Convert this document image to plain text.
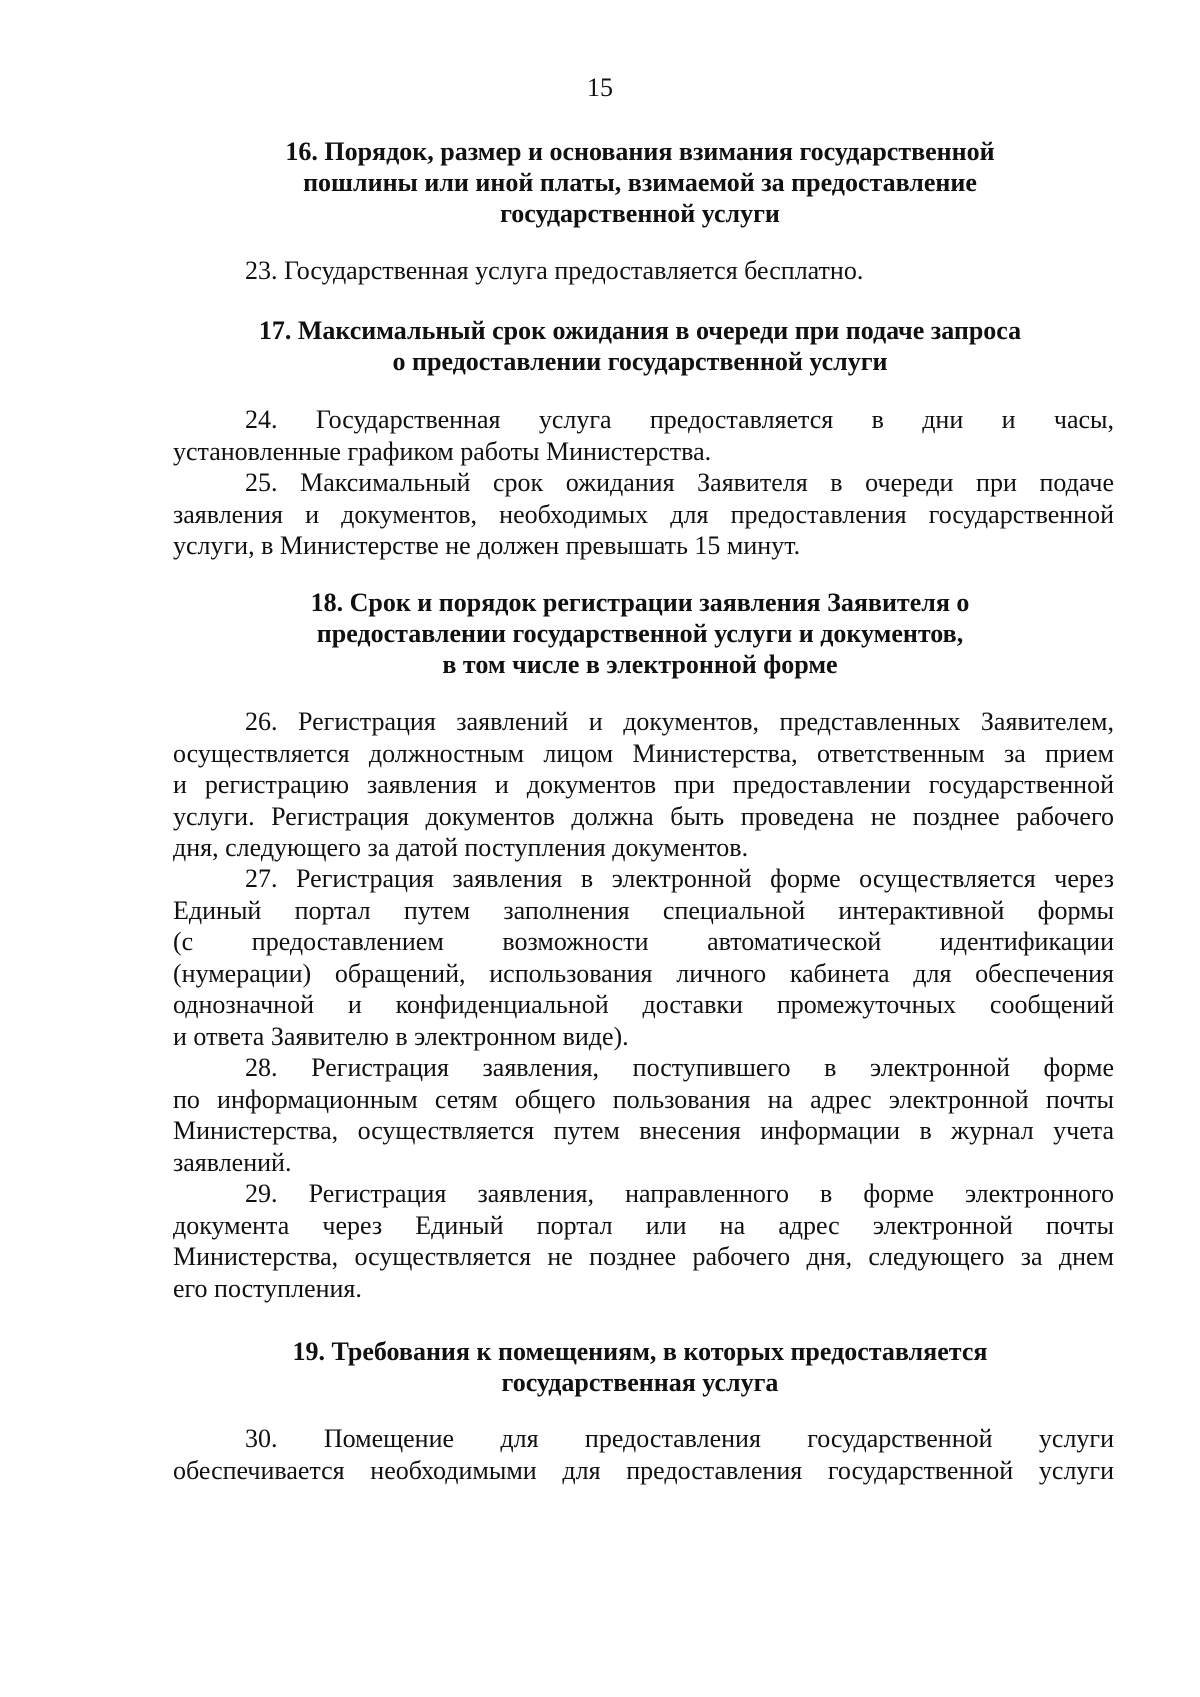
15
16. Порядок, размер и основания взимания государственной
пошлины или иной платы, взимаемой за предоставление
государственной услуги

23. Государственная услуга предоставляется бесплатно.

17. Максимальный срок ожидания в очереди при подаче запроса
о предоставлении государственной услуги

24. Государственная услуга предоставляется в дни и часы,
установленные графиком работы Министерства.

25. Максимальный срок ожидания Заявителя в очереди при подаче
заявления и документов, необходимых для предоставления государственной
услуги, в Министерстве не должен превышать 15 минут.

18. Срок и порядок регистрации заявления Заявителя о
предоставлении государственной услуги и документов,
в том числе в электронной форме

26. Регистрация заявлений и документов, представленных Заявителем,
осуществляется должностным лицом Министерства, ответственным за прием
и регистрацию заявления и документов при предоставлении государственной
услуги. Регистрация документов должна быть проведена не позднее рабочего
дня, следующего за датой поступления документов.

27. Регистрация заявления в электронной форме осуществляется через
Единый портал путем заполнения специальной интерактивной формы
(с предоставлением возможности автоматической идентификации
(нумерации) обращений, использования личного кабинета для обеспечения
однозначной и конфиденциальной доставки промежуточных сообщений
и ответа Заявителю в электронном виде).

28. Регистрация заявления, поступившего в электронной форме
по информационным сетям общего пользования на адрес электронной почты
Министерства, осуществляется путем внесения информации в журнал учета
заявлений.

29. Регистрация заявления, направленного в форме электронного
документа через Единый портал или на адрес электронной почты
Министерства, осуществляется не позднее рабочего дня, следующего за днем
его поступления.

19. Требования к помещениям, в которых предоставляется
государственная услуга

30. Помещение для предоставления государственной услуги
обеспечивается необходимыми для предоставления государственной услуги
